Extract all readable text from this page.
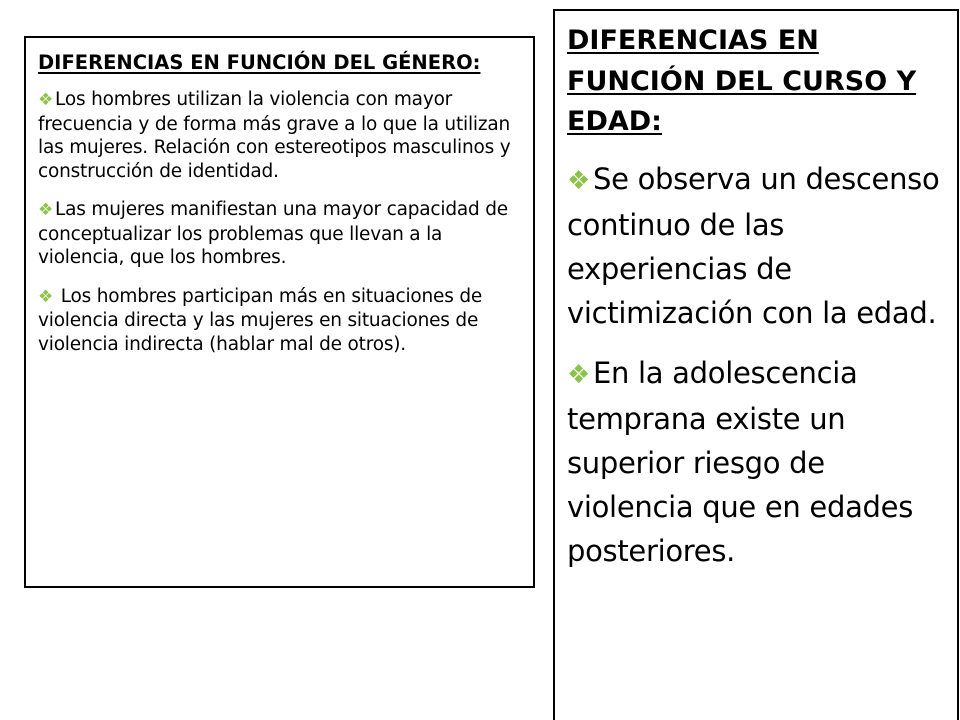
DIFERENCIAS EN FUNCIÓN DEL GÉNERO:

❖ Los hombres utilizan la violencia con mayor frecuencia y de forma más grave a lo que la utilizan las mujeres. Relación con estereotipos masculinos y construcción de identidad.

❖ Las mujeres manifiestan una mayor capacidad de conceptualizar los problemas que llevan a la violencia, que los hombres.

❖ Los hombres participan más en situaciones de violencia directa y las mujeres en situaciones de violencia indirecta (hablar mal de otros).

DIFERENCIAS EN FUNCIÓN DEL CURSO Y EDAD:

❖ Se observa un descenso continuo de las experiencias de victimización con la edad.

❖ En la adolescencia temprana existe un superior riesgo de violencia que en edades posteriores.
